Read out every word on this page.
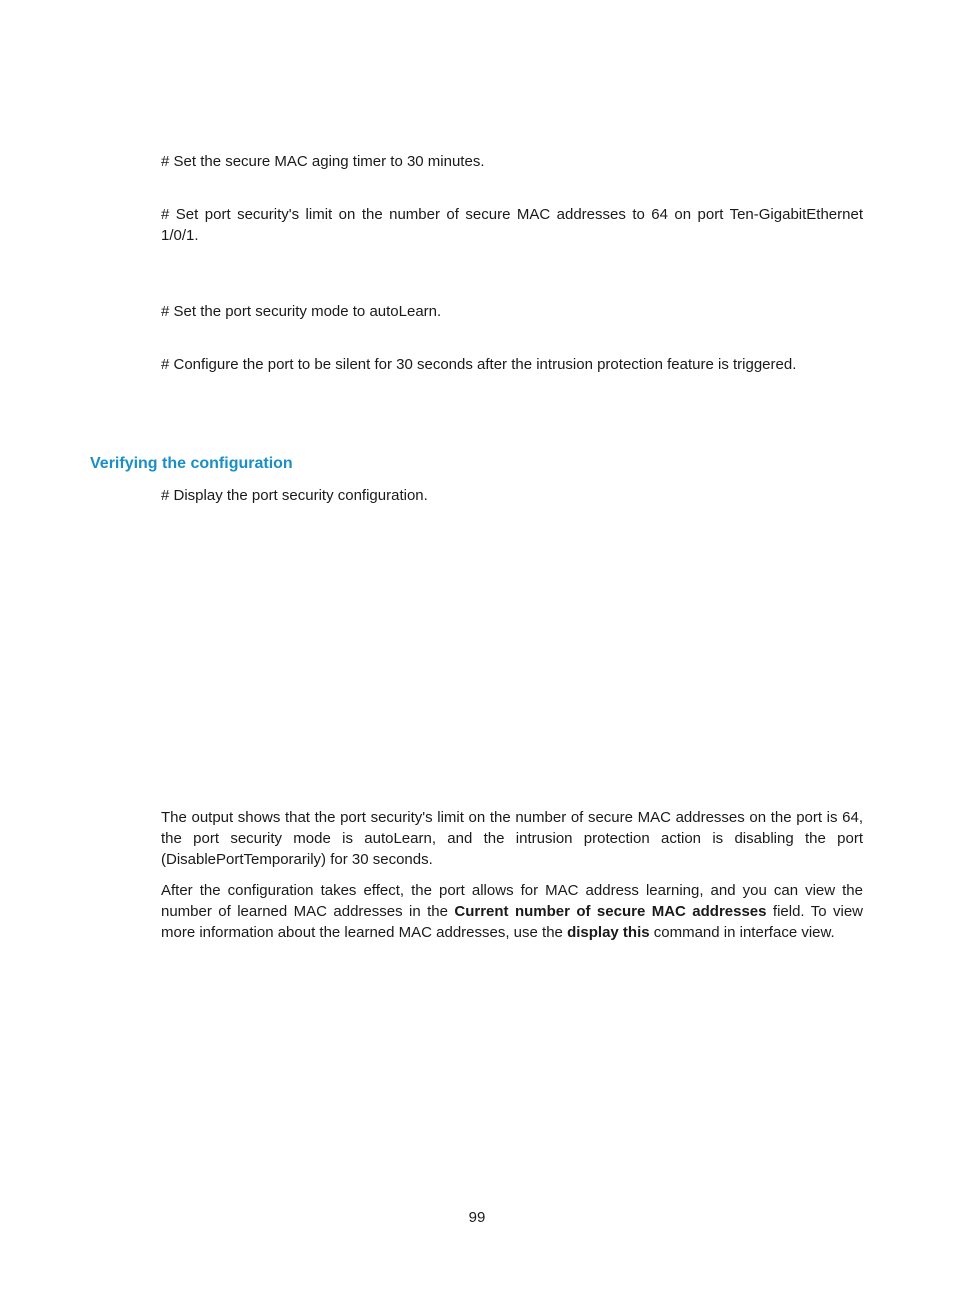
# Set the secure MAC aging timer to 30 minutes.
# Set port security's limit on the number of secure MAC addresses to 64 on port Ten-GigabitEthernet
1/0/1.
# Set the port security mode to autoLearn.
# Configure the port to be silent for 30 seconds after the intrusion protection feature is triggered.
Verifying the configuration
# Display the port security configuration.
The output shows that the port security's limit on the number of secure MAC addresses on the port is 64, the port security mode is autoLearn, and the intrusion protection action is disabling the port (DisablePortTemporarily) for 30 seconds.
After the configuration takes effect, the port allows for MAC address learning, and you can view the number of learned MAC addresses in the Current number of secure MAC addresses field. To view more information about the learned MAC addresses, use the display this command in interface view.
99
